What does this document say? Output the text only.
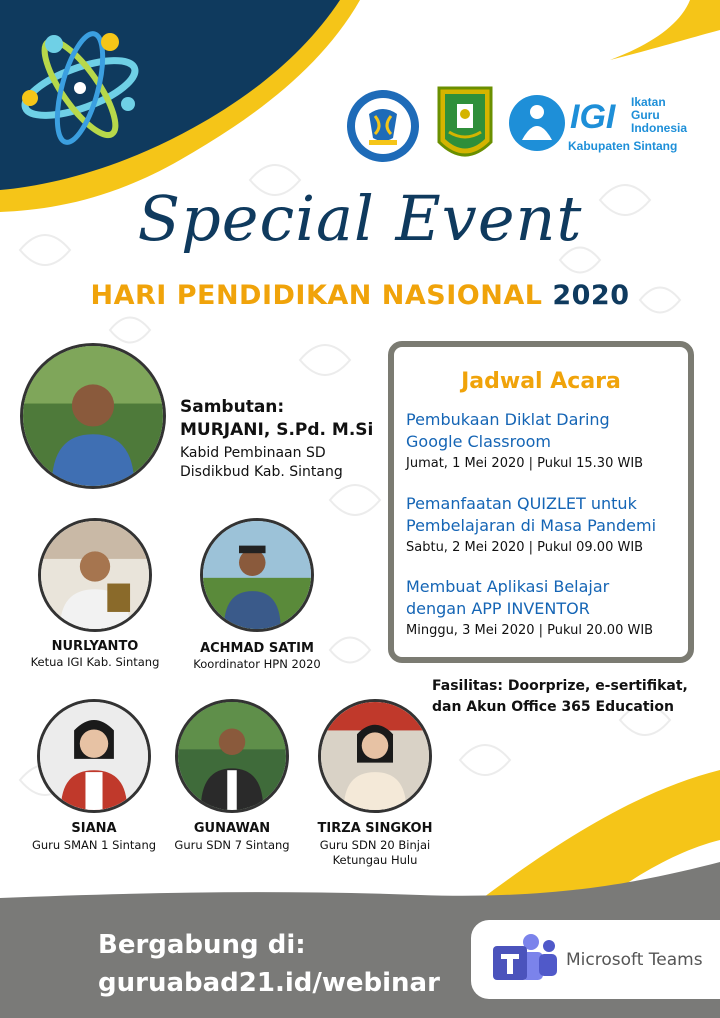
IGI Ikatan
Guru
Indonesia
Kabupaten Sintang
Special Event
HARI PENDIDIKAN NASIONAL 2020
Sambutan:
MURJANI, S.Pd. M.Si
Kabid Pembinaan SD
Disdikbud Kab. Sintang
Jadwal Acara
Pembukaan Diklat Daring
Google Classroom
Jumat, 1 Mei 2020 | Pukul 15.30 WIB
Pemanfaatan QUIZLET untuk
Pembelajaran di Masa Pandemi
Sabtu, 2 Mei 2020 | Pukul 09.00 WIB
Membuat Aplikasi Belajar
dengan APP INVENTOR
Minggu, 3 Mei 2020 | Pukul 20.00 WIB
Fasilitas: Doorprize, e-sertifikat,
dan Akun Office 365 Education
NURLYANTO
Ketua IGI Kab. Sintang
ACHMAD SATIM
Koordinator HPN 2020
SIANA
Guru SMAN 1 Sintang
GUNAWAN
Guru SDN 7 Sintang
TIRZA SINGKOH
Guru SDN 20 Binjai
Ketungau Hulu
Bergabung di:
guruabad21.id/webinar
Microsoft Teams
